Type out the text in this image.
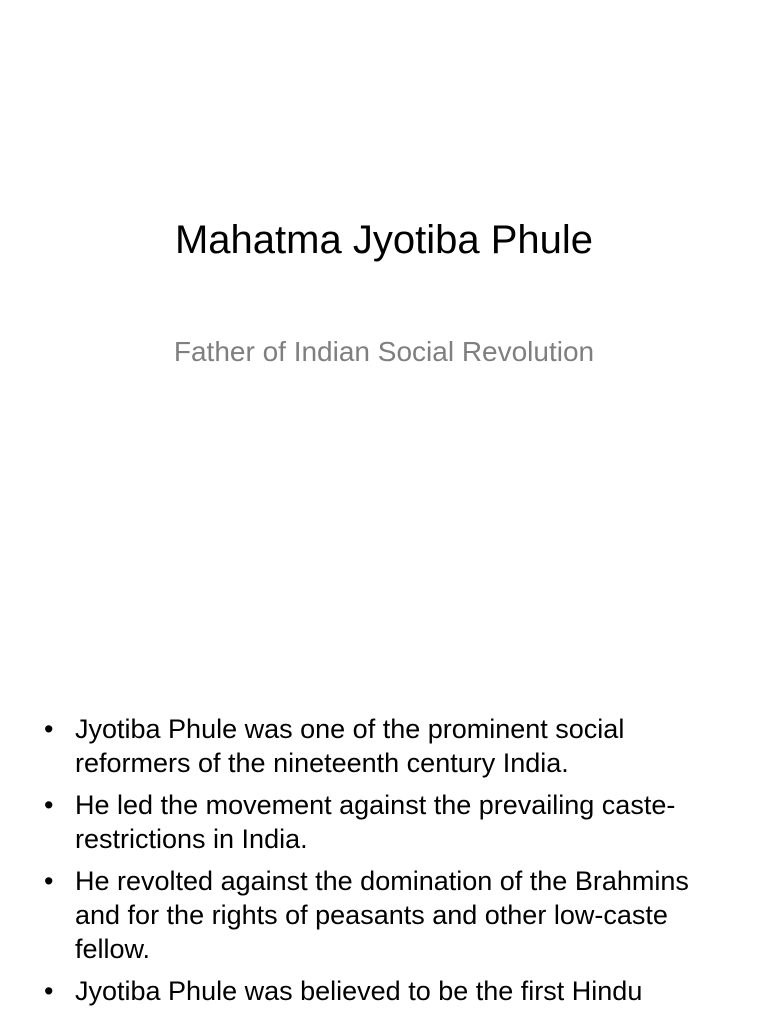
Mahatma Jyotiba Phule

Father of Indian Social Revolution

• Jyotiba Phule was one of the prominent social reformers of the nineteenth century India.
• He led the movement against the prevailing caste-restrictions in India.
• He revolted against the domination of the Brahmins and for the rights of peasants and other low-caste fellow.
• Jyotiba Phule was believed to be the first Hindu
